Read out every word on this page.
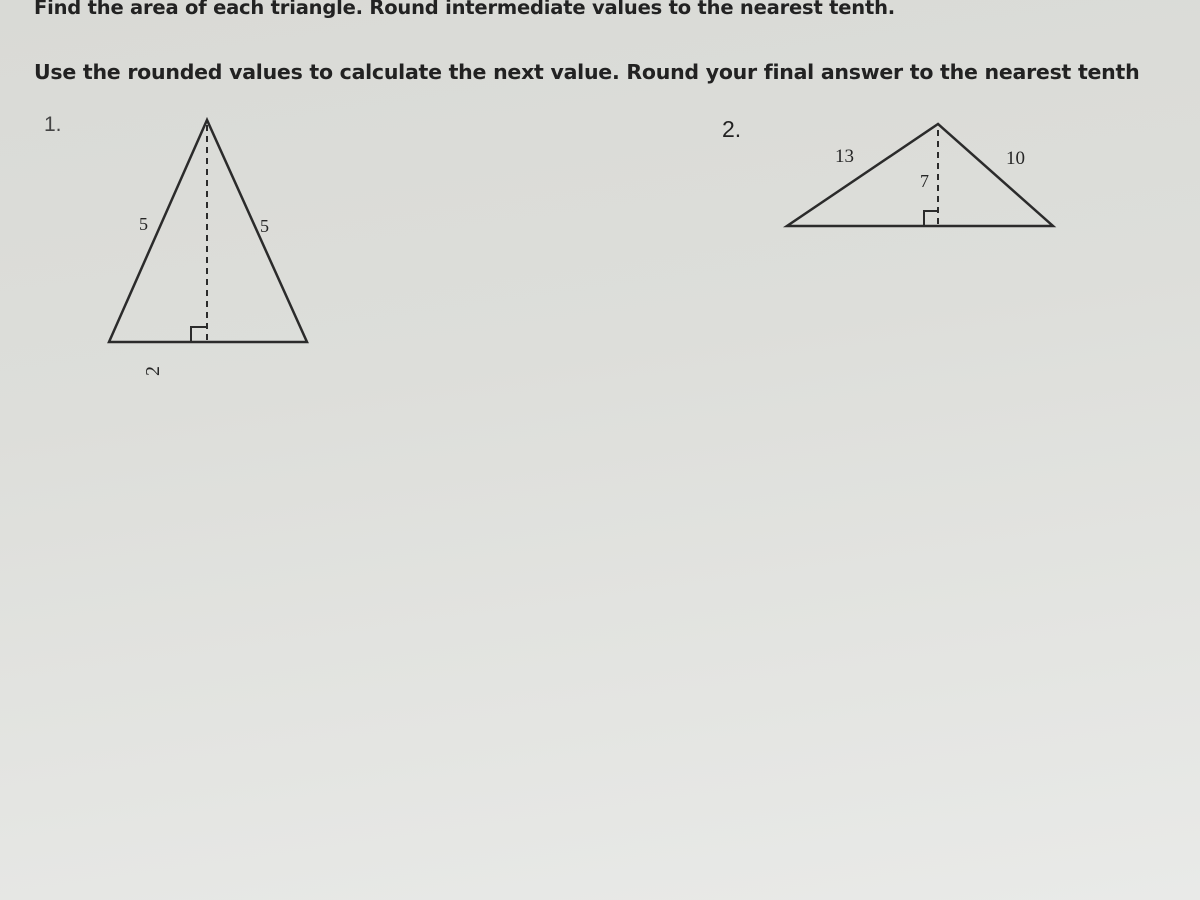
Find the area of each triangle. Round intermediate values to the nearest tenth.

Use the rounded values to calculate the next value. Round your final answer to the nearest tenth

1.	2.

5	5
2
13	10
7
